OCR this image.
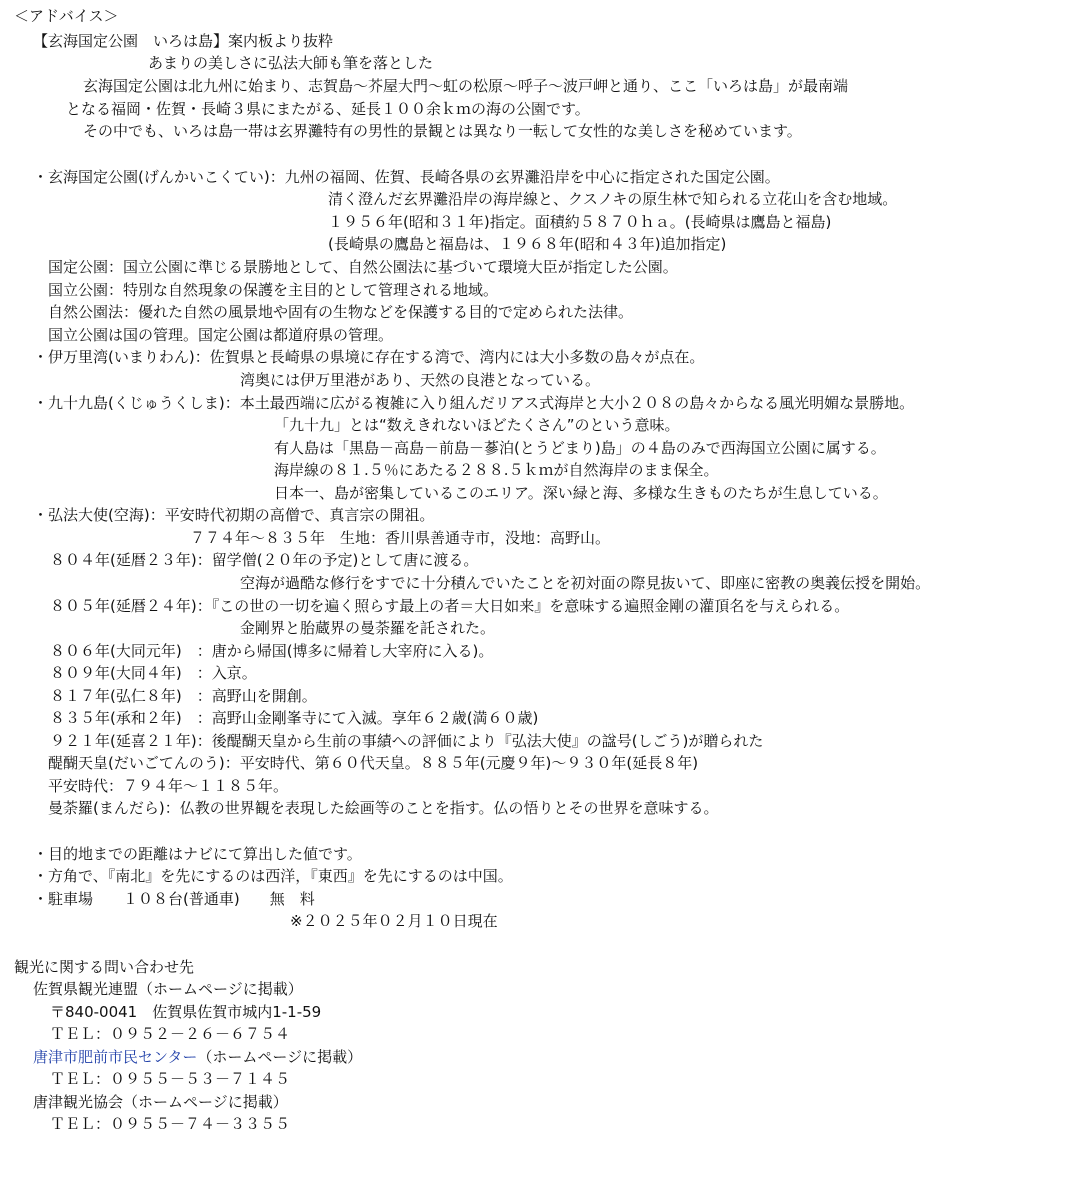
＜アドバイス＞
【玄海国定公園　いろは島】案内板より抜粋
あまりの美しさに弘法大師も筆を落とした
玄海国定公園は北九州に始まり、志賀島～芥屋大門～虹の松原～呼子～波戸岬と通り、ここ「いろは島」が最南端
となる福岡・佐賀・長崎３県にまたがる、延長１００余ｋｍの海の公園です。
その中でも、いろは島一帯は玄界灘特有の男性的景観とは異なり一転して女性的な美しさを秘めています。
・玄海国定公園(げんかいこくてい)：九州の福岡、佐賀、長崎各県の玄界灘沿岸を中心に指定された国定公園。
清く澄んだ玄界灘沿岸の海岸線と、クスノキの原生林で知られる立花山を含む地域。
１９５６年(昭和３１年)指定。面積約５８７０ｈａ。(長崎県は鷹島と福島)
(長崎県の鷹島と福島は、１９６８年(昭和４３年)追加指定)
国定公園：国立公園に準じる景勝地として、自然公園法に基づいて環境大臣が指定した公園。
国立公園：特別な自然現象の保護を主目的として管理される地域。
自然公園法：優れた自然の風景地や固有の生物などを保護する目的で定められた法律。
国立公園は国の管理。国定公園は都道府県の管理。
・伊万里湾(いまりわん)：佐賀県と長崎県の県境に存在する湾で、湾内には大小多数の島々が点在。
湾奥には伊万里港があり、天然の良港となっている。
・九十九島(くじゅうくしま)：本土最西端に広がる複雑に入り組んだリアス式海岸と大小２０８の島々からなる風光明媚な景勝地。
「九十九」とは“数えきれないほどたくさん”のという意味。
有人島は「黒島－高島－前島－蔘泊(とうどまり)島」の４島のみで西海国立公園に属する。
海岸線の８１.５％にあたる２８８.５ｋｍが自然海岸のまま保全。
日本一、島が密集しているこのエリア。深い緑と海、多様な生きものたちが生息している。
・弘法大使(空海)：平安時代初期の高僧で、真言宗の開祖。
７７４年～８３５年　生地：香川県善通寺市，没地：高野山。
８０４年(延暦２３年)：留学僧(２０年の予定)として唐に渡る。
空海が過酷な修行をすでに十分積んでいたことを初対面の際見抜いて、即座に密教の奥義伝授を開始。
８０５年(延暦２４年)：『この世の一切を遍く照らす最上の者＝大日如来』を意味する遍照金剛の灌頂名を与えられる。
金剛界と胎蔵界の曼荼羅を託された。
８０６年(大同元年)　：唐から帰国(博多に帰着し大宰府に入る)。
８０９年(大同４年)　：入京。
８１７年(弘仁８年)　：高野山を開創。
８３５年(承和２年)　：高野山金剛峯寺にて入滅。享年６２歳(満６０歳)
９２１年(延喜２１年)：後醍醐天皇から生前の事績への評価により『弘法大使』の諡号(しごう)が贈られた
醍醐天皇(だいごてんのう)：平安時代、第６０代天皇。８８５年(元慶９年)～９３０年(延長８年)
平安時代：７９４年～１１８５年。
曼荼羅(まんだら)：仏教の世界観を表現した絵画等のことを指す。仏の悟りとその世界を意味する。
・目的地までの距離はナビにて算出した値です。
・方角で、『南北』を先にするのは西洋，『東西』を先にするのは中国。
・駐車場　　１０８台(普通車)　　無　料
※２０２５年０２月１０日現在
観光に関する問い合わせ先
佐賀県観光連盟（ホームページに掲載）
〒840-0041　佐賀県佐賀市城内1-1-59
ＴＥＬ：０９５２－２６－６７５４
唐津市肥前市民センター（ホームページに掲載）
ＴＥＬ：０９５５－５３－７１４５
唐津観光協会（ホームページに掲載）
ＴＥＬ：０９５５－７４－３３５５
